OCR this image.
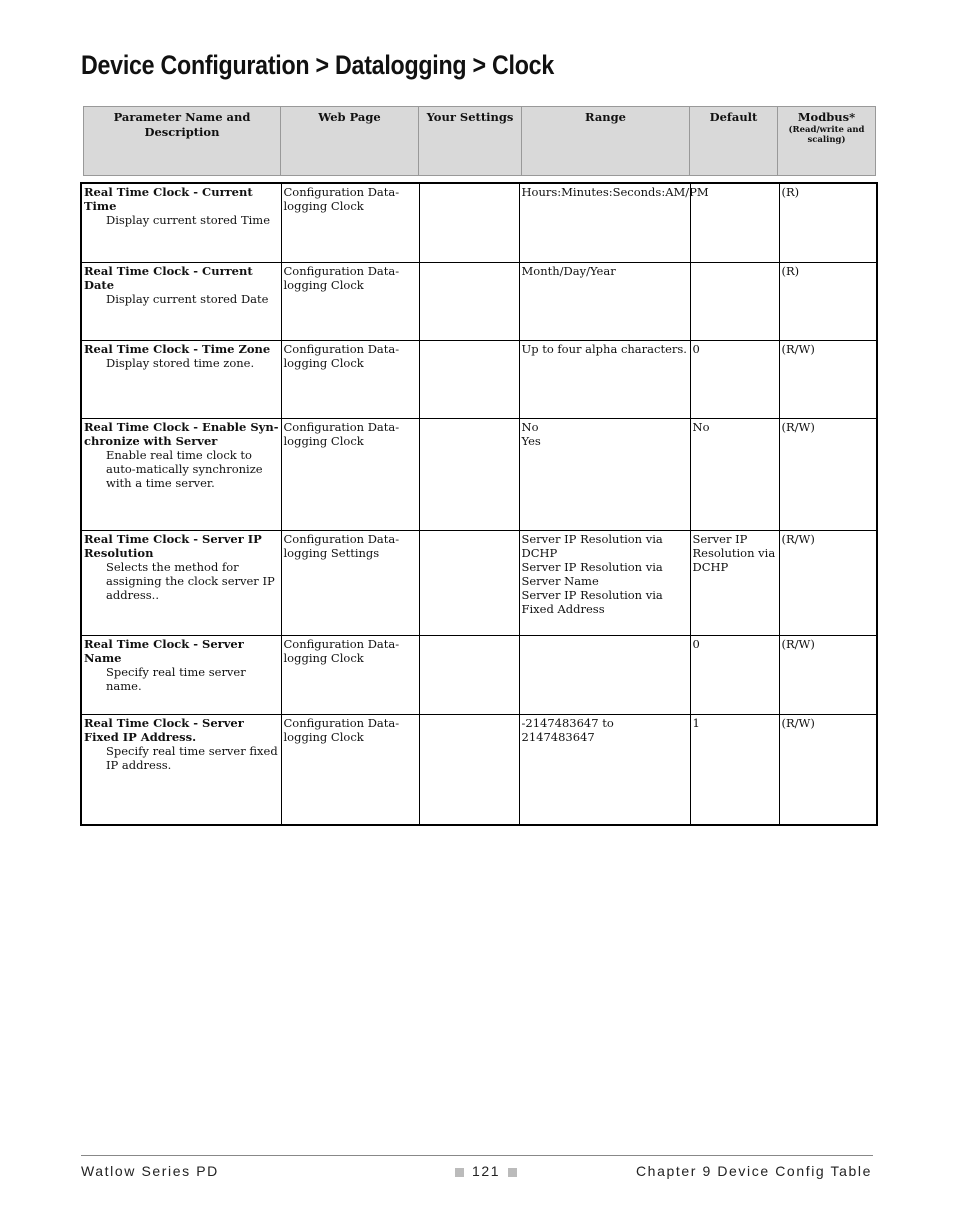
Device Configuration > Datalogging > Clock
Parameter Name and Description	Web Page	Your Settings	Range	Default	Modbus*
(Read/write and scaling)
Real Time Clock - Current Time
Display current stored Time	Configuration Data-logging Clock		Hours:Minutes:Seconds:AM/PM		(R)

Real Time Clock - Current Date
Display current stored Date	Configuration Data-logging Clock		Month/Day/Year		(R)

Real Time Clock - Time Zone
Display stored time zone.	Configuration Data-logging Clock		Up to four alpha characters.	0	(R/W)

Real Time Clock - Enable Syn-chronize with Server
Enable real time clock to auto-matically synchronize with a time server.	Configuration Data-logging Clock		No
Yes	No	(R/W)

Real Time Clock - Server IP Resolution
Selects the method for assigning the clock server IP address..	Configuration Data-logging Settings		Server IP Resolution via DCHP
Server IP Resolution via Server Name
Server IP Resolution via Fixed Address	Server IP Resolution via DCHP	(R/W)

Real Time Clock - Server Name
Specify real time server name.	Configuration Data-logging Clock			0	(R/W)

Real Time Clock - Server Fixed IP Address.
Specify real time server fixed IP address.	Configuration Data-logging Clock		-2147483647 to 2147483647	1	(R/W)
Watlow Series PD	121	Chapter 9 Device Config Table
